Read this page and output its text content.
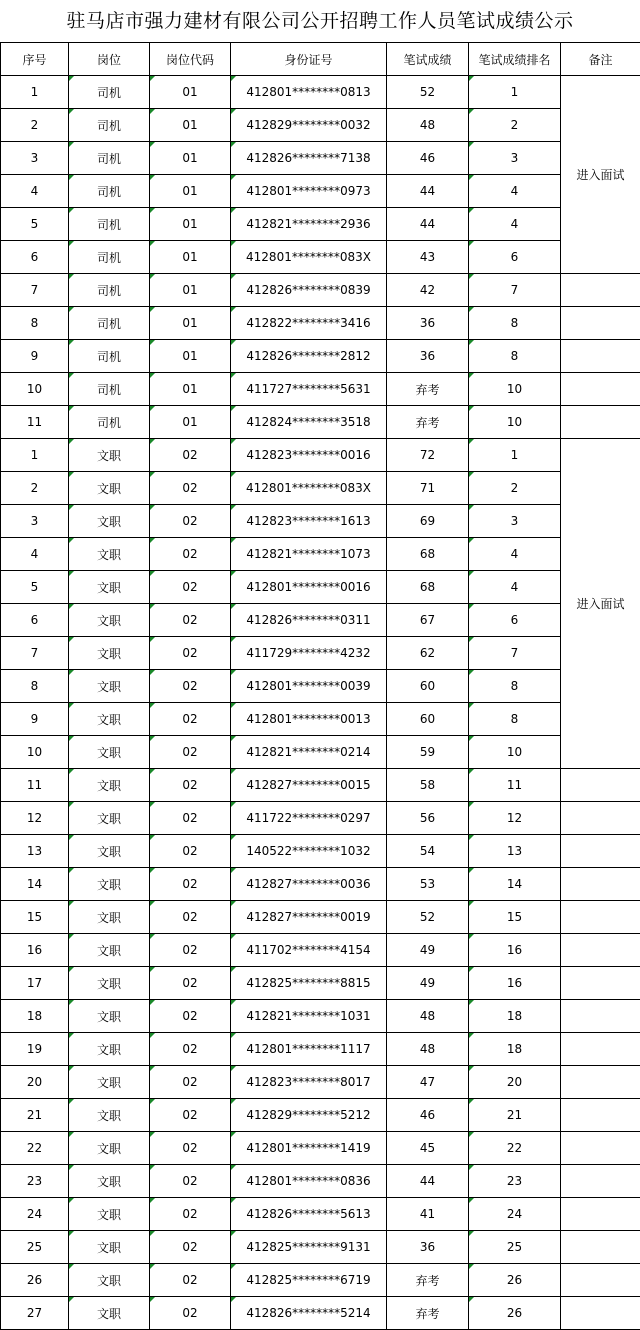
驻马店市强力建材有限公司公开招聘工作人员笔试成绩公示
序号	岗位	岗位代码	身份证号	笔试成绩	笔试成绩排名	备注
1	司机	01	412801********0813	52	1	进入面试
2	司机	01	412829********0032	48	2	
3	司机	01	412826********7138	46	3	
4	司机	01	412801********0973	44	4	
5	司机	01	412821********2936	44	4	
6	司机	01	412801********083X	43	6	
7	司机	01	412826********0839	42	7	
8	司机	01	412822********3416	36	8	
9	司机	01	412826********2812	36	8	
10	司机	01	411727********5631	弃考	10	
11	司机	01	412824********3518	弃考	10	
1	文职	02	412823********0016	72	1	进入面试
2	文职	02	412801********083X	71	2	
3	文职	02	412823********1613	69	3	
4	文职	02	412821********1073	68	4	
5	文职	02	412801********0016	68	4	
6	文职	02	412826********0311	67	6	
7	文职	02	411729********4232	62	7	
8	文职	02	412801********0039	60	8	
9	文职	02	412801********0013	60	8	
10	文职	02	412821********0214	59	10	
11	文职	02	412827********0015	58	11	
12	文职	02	411722********0297	56	12	
13	文职	02	140522********1032	54	13	
14	文职	02	412827********0036	53	14	
15	文职	02	412827********0019	52	15	
16	文职	02	411702********4154	49	16	
17	文职	02	412825********8815	49	16	
18	文职	02	412821********1031	48	18	
19	文职	02	412801********1117	48	18	
20	文职	02	412823********8017	47	20	
21	文职	02	412829********5212	46	21	
22	文职	02	412801********1419	45	22	
23	文职	02	412801********0836	44	23	
24	文职	02	412826********5613	41	24	
25	文职	02	412825********9131	36	25	
26	文职	02	412825********6719	弃考	26	
27	文职	02	412826********5214	弃考	26	
